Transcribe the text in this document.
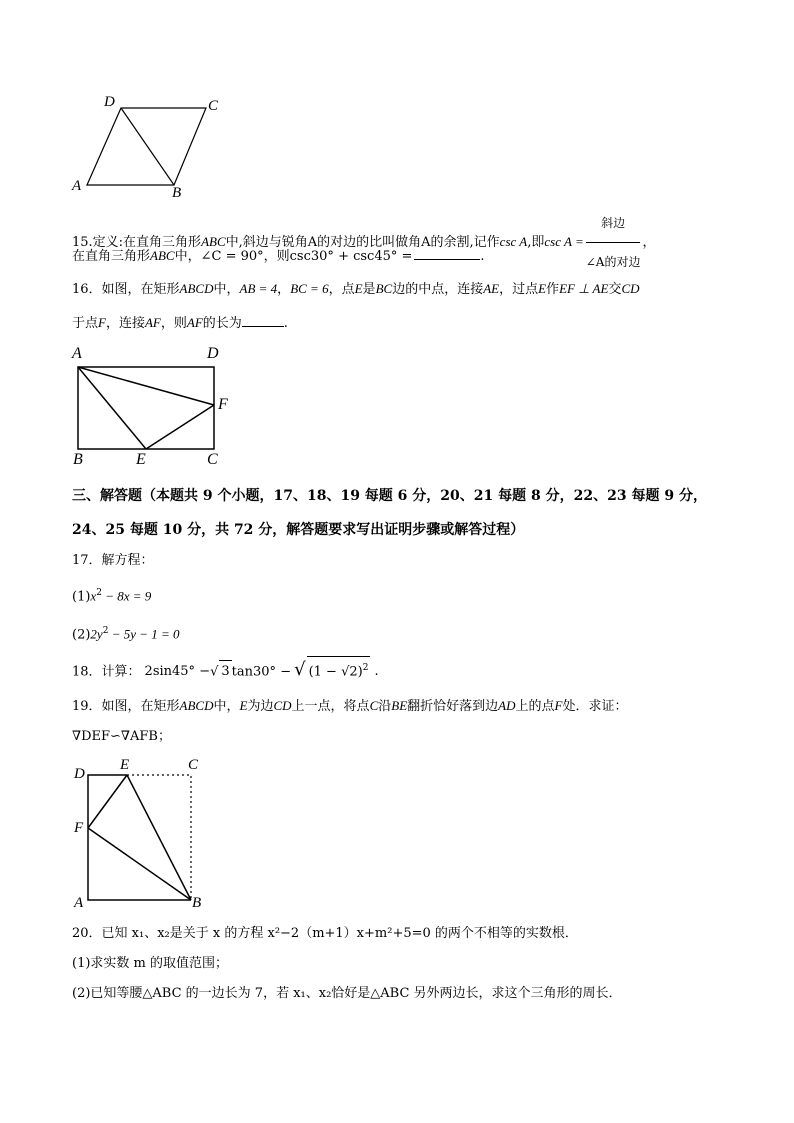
A	B
C
D
15.定义:在直角三角形ABC中,斜边与锐角A的对边的比叫做角A的余割,记作csc A,即$\csc A = \frac{\text{斜边}}{\text{∠A的对边}}$ ，
在直角三角形ABC中，∠C = 90°，则csc30° + csc45° =	.
16．如图，在矩形ABCD中，AB = 4，BC = 6，点E是BC边的中点，连接AE，过点E作EF ⊥ AE交CD
于点F，连接AF，则AF的长为	.
A	D
F
B	E	C
三、解答题（本题共 9 个小题，17、18、19 每题 6 分，20、21 每题 8 分，22、23 每题 9 分，
24、25 每题 10 分，共 72 分，解答题要求写出证明步骤或解答过程）
17．解方程：
$(1)x^2 - 8x = 9$
$(2)2y^2 - 5y - 1 = 0$
18．计算： 2sin45° −√ 3 tan30° − √ $(1 - √2)^2$ .
19．如图，在矩形ABCD中，E为边CD上一点，将点C沿BE翻折恰好落到边AD上的点F处．求证：
∇DEF∽∇AFB；
D
E	C
F
A	B
20．已知 x₁、x₂是关于 x 的方程 x²−2（m+1）x+m²+5=0 的两个不相等的实数根．
(1)求实数 m 的取值范围；
(2)已知等腰△ABC 的一边长为 7，若 x₁、x₂恰好是△ABC 另外两边长，求这个三角形的周长．
